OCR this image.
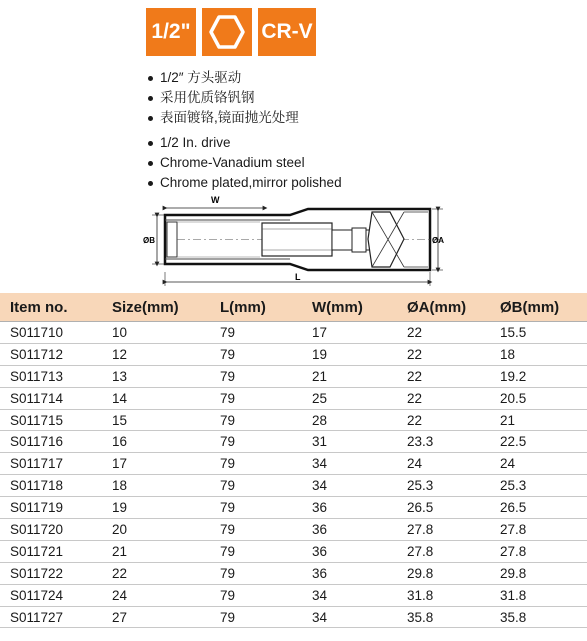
1/2"	CR-V
1/2″ 方头驱动
采用优质铬钒钢
表面镀铬,镜面抛光处理
1/2 In. drive
Chrome-Vanadium steel
Chrome plated,mirror polished
W
ØB	ØA
L
Item no.	Size(mm)	L(mm)	W(mm)	ØA(mm)	ØB(mm)
S011710	10	79	17	22	15.5
S011712	12	79	19	22	18
S011713	13	79	21	22	19.2
S011714	14	79	25	22	20.5
S011715	15	79	28	22	21
S011716	16	79	31	23.3	22.5
S011717	17	79	34	24	24
S011718	18	79	34	25.3	25.3
S011719	19	79	36	26.5	26.5
S011720	20	79	36	27.8	27.8
S011721	21	79	36	27.8	27.8
S011722	22	79	36	29.8	29.8
S011724	24	79	34	31.8	31.8
S011727	27	79	34	35.8	35.8
